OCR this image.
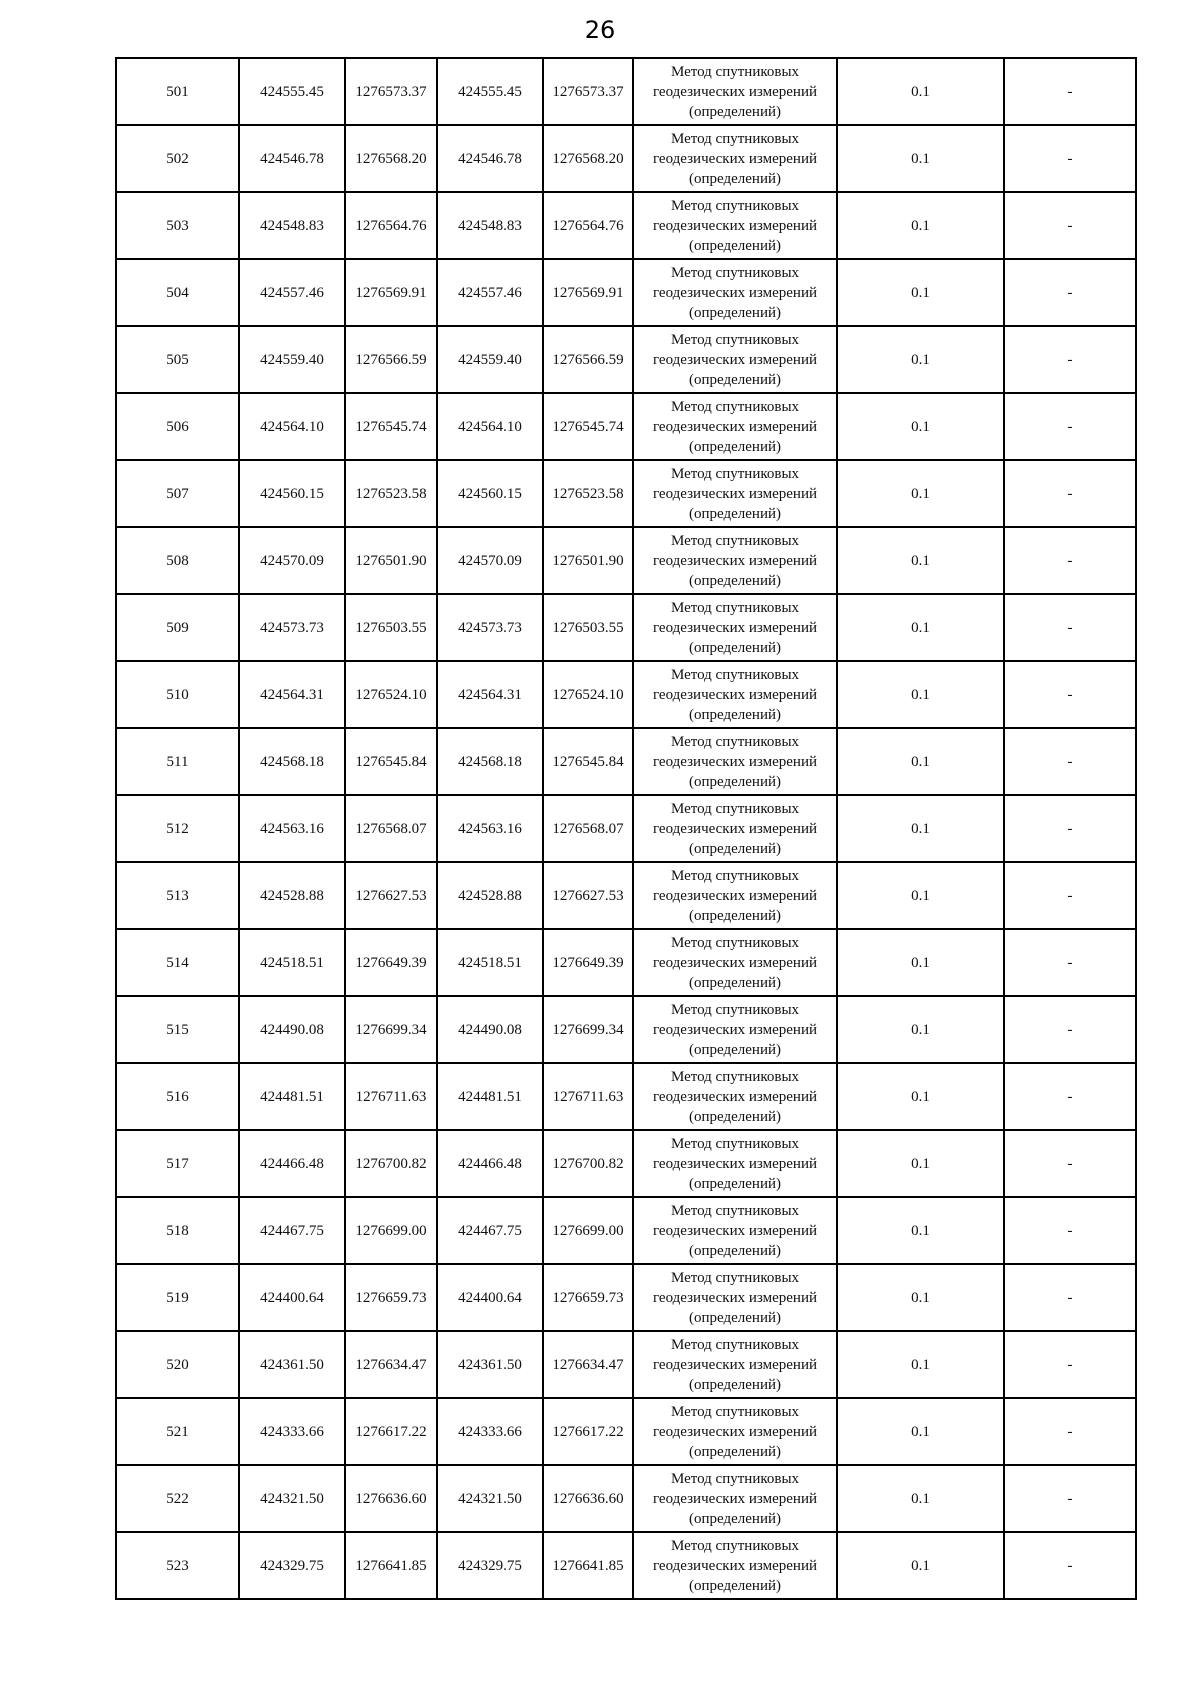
26
501	424555.45	1276573.37	424555.45	1276573.37	Метод спутниковых
геодезических измерений
(определений)	0.1	-
502	424546.78	1276568.20	424546.78	1276568.20	Метод спутниковых
геодезических измерений
(определений)	0.1	-
503	424548.83	1276564.76	424548.83	1276564.76	Метод спутниковых
геодезических измерений
(определений)	0.1	-
504	424557.46	1276569.91	424557.46	1276569.91	Метод спутниковых
геодезических измерений
(определений)	0.1	-
505	424559.40	1276566.59	424559.40	1276566.59	Метод спутниковых
геодезических измерений
(определений)	0.1	-
506	424564.10	1276545.74	424564.10	1276545.74	Метод спутниковых
геодезических измерений
(определений)	0.1	-
507	424560.15	1276523.58	424560.15	1276523.58	Метод спутниковых
геодезических измерений
(определений)	0.1	-
508	424570.09	1276501.90	424570.09	1276501.90	Метод спутниковых
геодезических измерений
(определений)	0.1	-
509	424573.73	1276503.55	424573.73	1276503.55	Метод спутниковых
геодезических измерений
(определений)	0.1	-
510	424564.31	1276524.10	424564.31	1276524.10	Метод спутниковых
геодезических измерений
(определений)	0.1	-
511	424568.18	1276545.84	424568.18	1276545.84	Метод спутниковых
геодезических измерений
(определений)	0.1	-
512	424563.16	1276568.07	424563.16	1276568.07	Метод спутниковых
геодезических измерений
(определений)	0.1	-
513	424528.88	1276627.53	424528.88	1276627.53	Метод спутниковых
геодезических измерений
(определений)	0.1	-
514	424518.51	1276649.39	424518.51	1276649.39	Метод спутниковых
геодезических измерений
(определений)	0.1	-
515	424490.08	1276699.34	424490.08	1276699.34	Метод спутниковых
геодезических измерений
(определений)	0.1	-
516	424481.51	1276711.63	424481.51	1276711.63	Метод спутниковых
геодезических измерений
(определений)	0.1	-
517	424466.48	1276700.82	424466.48	1276700.82	Метод спутниковых
геодезических измерений
(определений)	0.1	-
518	424467.75	1276699.00	424467.75	1276699.00	Метод спутниковых
геодезических измерений
(определений)	0.1	-
519	424400.64	1276659.73	424400.64	1276659.73	Метод спутниковых
геодезических измерений
(определений)	0.1	-
520	424361.50	1276634.47	424361.50	1276634.47	Метод спутниковых
геодезических измерений
(определений)	0.1	-
521	424333.66	1276617.22	424333.66	1276617.22	Метод спутниковых
геодезических измерений
(определений)	0.1	-
522	424321.50	1276636.60	424321.50	1276636.60	Метод спутниковых
геодезических измерений
(определений)	0.1	-
523	424329.75	1276641.85	424329.75	1276641.85	Метод спутниковых
геодезических измерений
(определений)	0.1	-
